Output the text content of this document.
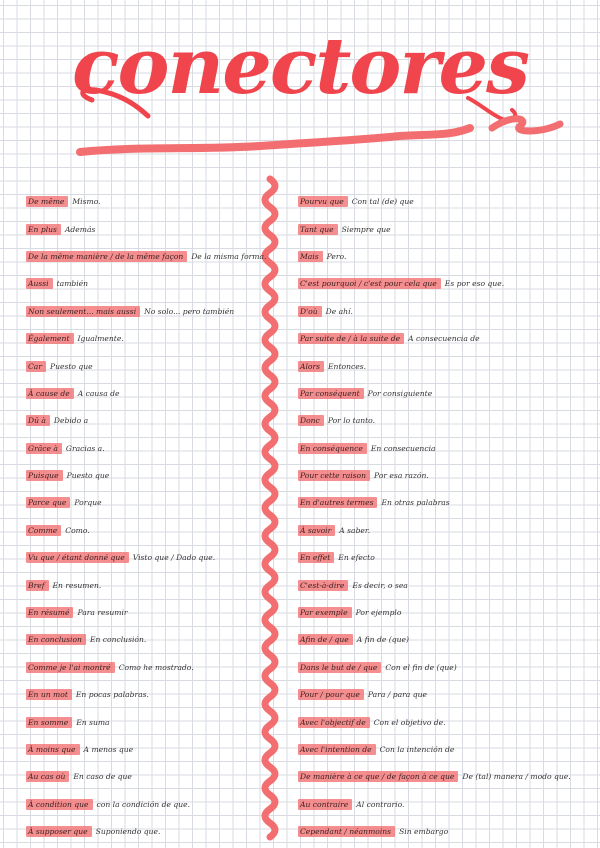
conectores
De même	Mismo.
En plus	Además
De la même manière / de la même façon	De la misma forma.
Aussi	también
Non seulement... mais aussi	No solo... pero también
Également	Igualmente.
Car	Puesto que
À cause de	A causa de
Dû à	Debido a
Grâce à	Gracias a.
Puisque	Puesto que
Parce que	Porque
Comme	Como.
Vu que / étant donné que	Visto que / Dado que.
Bref	En resumen.
En résumé	Para resumir
En conclusion	En conclusión.
Comme je l'ai montré	Como he mostrado.
En un mot	En pocas palabras.
En somme	En suma
À moins que	A menos que
Au cas où	En caso de que
À condition que	con la condición de que.
À supposer que	Suponiendo que.
Pourvu que	Con tal (de) que
Tant que	Siempre que
Mais	Pero.
C'est pourquoi / c'est pour cela que	Es por eso que.
D'où	De ahí.
Par suite de / à la suite de	A consecuencia de
Alors	Entonces.
Par conséquent	Por consiguiente
Donc	Por lo tanto.
En conséquence	En consecuencia
Pour cette raison	Por esa razón.
En d'autres termes	En otras palabras
À savoir	A saber.
En effet	En efecto
C'est-à-dire	Es decir, o sea
Par exemple	Por ejemplo
Afin de / que	A fin de (que)
Dans le but de / que	Con el fin de (que)
Pour / pour que	Para / para que
Avec l'objectif de	Con el objetivo de.
Avec l'intention de	Con la intención de
De manière à ce que / de façon à ce que	De (tal) manera / modo que.
Au contraire	Al contrario.
Cependant / néanmoins	Sin embargo
